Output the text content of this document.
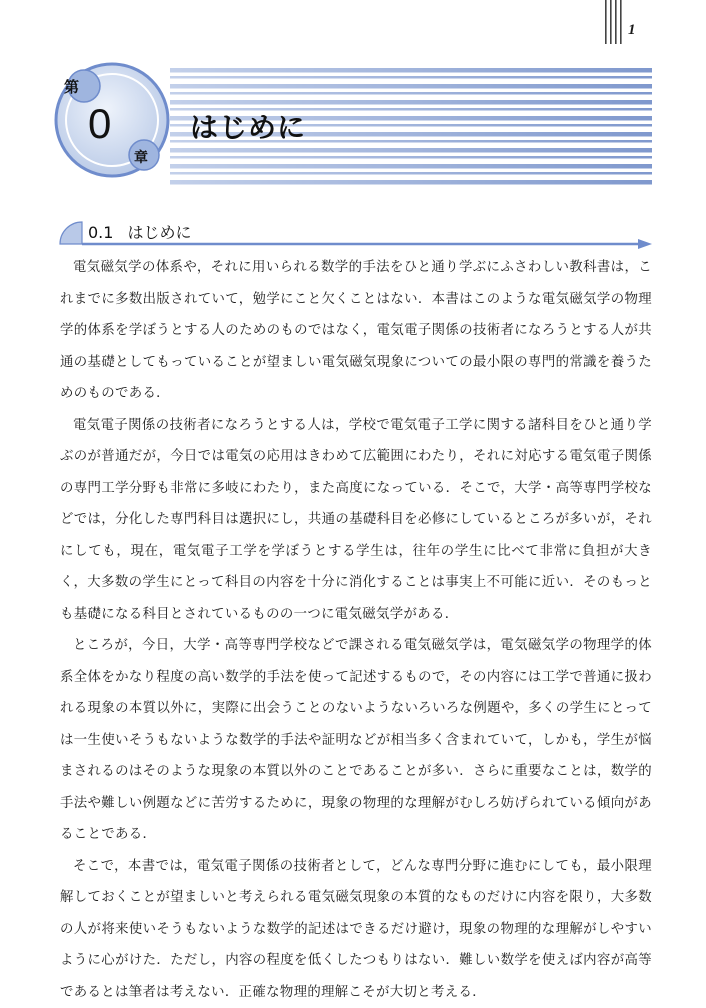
1
第
0
章
はじめに
0.1 はじめに

電気磁気学の体系や，それに用いられる数学的手法をひと通り学ぶにふさわしい教科書は，これまでに多数出版されていて，勉学にこと欠くことはない．本書はこのような電気磁気学の物理学的体系を学ぼうとする人のためのものではなく，電気電子関係の技術者になろうとする人が共通の基礎としてもっていることが望ましい電気磁気現象についての最小限の専門的常識を養うためのものである．

電気電子関係の技術者になろうとする人は，学校で電気電子工学に関する諸科目をひと通り学ぶのが普通だが，今日では電気の応用はきわめて広範囲にわたり，それに対応する電気電子関係の専門工学分野も非常に多岐にわたり，また高度になっている．そこで，大学・高等専門学校などでは，分化した専門科目は選択にし，共通の基礎科目を必修にしているところが多いが，それにしても，現在，電気電子工学を学ぼうとする学生は，往年の学生に比べて非常に負担が大きく，大多数の学生にとって科目の内容を十分に消化することは事実上不可能に近い．そのもっとも基礎になる科目とされているものの一つに電気磁気学がある．

ところが，今日，大学・高等専門学校などで課される電気磁気学は，電気磁気学の物理学的体系全体をかなり程度の高い数学的手法を使って記述するもので，その内容には工学で普通に扱われる現象の本質以外に，実際に出会うことのないようないろいろな例題や，多くの学生にとっては一生使いそうもないような数学的手法や証明などが相当多く含まれていて，しかも，学生が悩まされるのはそのような現象の本質以外のことであることが多い．さらに重要なことは，数学的手法や難しい例題などに苦労するために，現象の物理的な理解がむしろ妨げられている傾向があることである．

そこで，本書では，電気電子関係の技術者として，どんな専門分野に進むにしても，最小限理解しておくことが望ましいと考えられる電気磁気現象の本質的なものだけに内容を限り，大多数の人が将来使いそうもないような数学的記述はできるだけ避け，現象の物理的な理解がしやすいように心がけた．ただし，内容の程度を低くしたつもりはない．難しい数学を使えば内容が高等であるとは筆者は考えない．正確な物理的理解こそが大切と考える．
